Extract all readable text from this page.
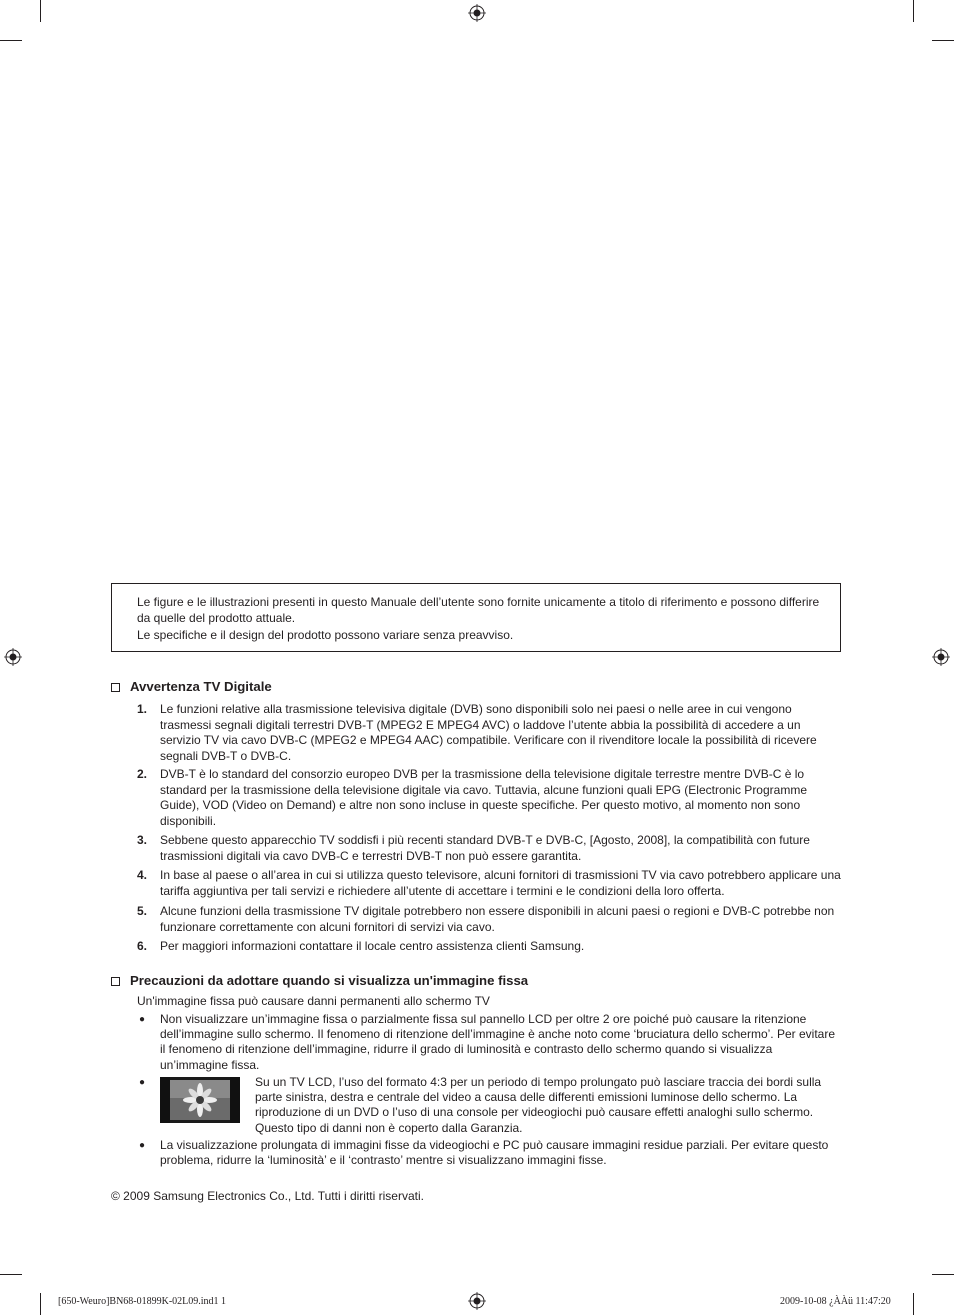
Le figure e le illustrazioni presenti in questo Manuale dell’utente sono fornite unicamente a titolo di riferimento e possono differire
da quelle del prodotto attuale.
Le specifiche e il design del prodotto possono variare senza preavviso.
Avvertenza TV Digitale
1. Le funzioni relative alla trasmissione televisiva digitale (DVB) sono disponibili solo nei paesi o nelle aree in cui vengono trasmessi segnali digitali terrestri DVB-T (MPEG2 E MPEG4 AVC) o laddove l’utente abbia la possibilità di accedere a un servizio TV via cavo DVB-C (MPEG2 e MPEG4 AAC) compatibile. Verificare con il rivenditore locale la possibilità di ricevere segnali DVB-T o DVB-C.
2. DVB-T è lo standard del consorzio europeo DVB per la trasmissione della televisione digitale terrestre mentre DVB-C è lo standard per la trasmissione della televisione digitale via cavo. Tuttavia, alcune funzioni quali EPG (Electronic Programme Guide), VOD (Video on Demand) e altre non sono incluse in queste specifiche. Per questo motivo, al momento non sono disponibili.
3. Sebbene questo apparecchio TV soddisfi i più recenti standard DVB-T e DVB-C, [Agosto, 2008], la compatibilità con future trasmissioni digitali via cavo DVB-C e terrestri DVB-T non può essere garantita.
4. In base al paese o all’area in cui si utilizza questo televisore, alcuni fornitori di trasmissioni TV via cavo potrebbero applicare una tariffa aggiuntiva per tali servizi e richiedere all’utente di accettare i termini e le condizioni della loro offerta.
5. Alcune funzioni della trasmissione TV digitale potrebbero non essere disponibili in alcuni paesi o regioni e DVB-C potrebbe non funzionare correttamente con alcuni fornitori di servizi via cavo.
6. Per maggiori informazioni contattare il locale centro assistenza clienti Samsung.
Precauzioni da adottare quando si visualizza un'immagine fissa
Un'immagine fissa può causare danni permanenti allo schermo TV
● Non visualizzare un’immagine fissa o parzialmente fissa sul pannello LCD per oltre 2 ore poiché può causare la ritenzione dell’immagine sullo schermo. Il fenomeno di ritenzione dell’immagine è anche noto come ‘bruciatura dello schermo’. Per evitare il fenomeno di ritenzione dell’immagine, ridurre il grado di luminosità e contrasto dello schermo quando si visualizza un’immagine fissa.
●	Su un TV LCD, l’uso del formato 4:3 per un periodo di tempo prolungato può lasciare traccia dei bordi sulla parte sinistra, destra e centrale del video a causa delle differenti emissioni luminose dello schermo. La riproduzione di un DVD o l’uso di una console per videogiochi può causare effetti analoghi sullo schermo. Questo tipo di danni non è coperto dalla Garanzia.
● La visualizzazione prolungata di immagini fisse da videogiochi e PC può causare immagini residue parziali. Per evitare questo problema, ridurre la ‘luminosità’ e il ‘contrasto’ mentre si visualizzano immagini fisse.
© 2009 Samsung Electronics Co., Ltd. Tutti i diritti riservati.
[650-Weuro]BN68-01899K-02L09.ind1 1	2009-10-08 ¿ÀÀü 11:47:20
